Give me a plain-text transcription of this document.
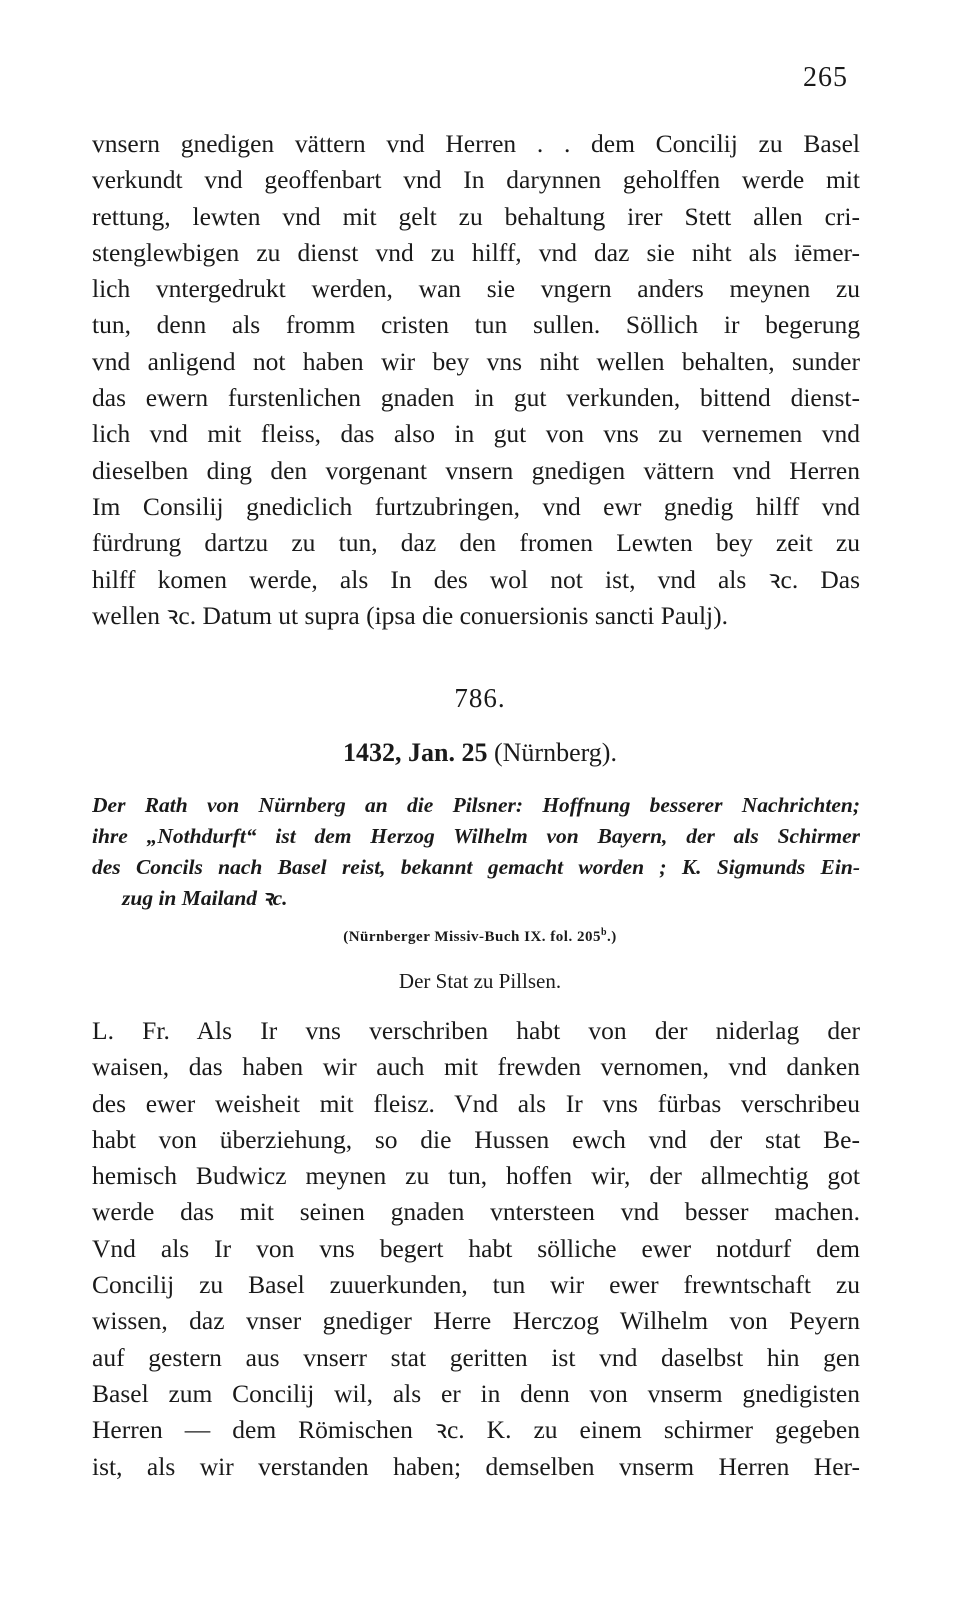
265
vnsern gnedigen vättern vnd Herren . . dem Concilij zu Basel
verkundt vnd geoffenbart vnd In darynnen geholffen werde mit
rettung, lewten vnd mit gelt zu behaltung irer Stett allen cri-
stenglewbigen zu dienst vnd zu hilff, vnd daz sie niht als iēmer-
lich vntergedrukt werden, wan sie vngern anders meynen zu
tun, denn als fromm cristen tun sullen. Söllich ir begerung
vnd anligend not haben wir bey vns niht wellen behalten, sunder
das ewern furstenlichen gnaden in gut verkunden, bittend dienst-
lich vnd mit fleiss, das also in gut von vns zu vernemen vnd
dieselben ding den vorgenant vnsern gnedigen vättern vnd Herren
Im Consilij gnediclich furtzubringen, vnd ewr gnedig hilff vnd
fürdrung dartzu zu tun, daz den fromen Lewten bey zeit zu
hilff komen werde, als In des wol not ist, vnd als ꝛc. Das
wellen ꝛc. Datum ut supra (ipsa die conuersionis sancti Paulj).
786.
1432, Jan. 25 (Nürnberg).
Der Rath von Nürnberg an die Pilsner: Hoffnung besserer Nachrichten;
ihre „Nothdurft“ ist dem Herzog Wilhelm von Bayern, der als Schirmer
des Concils nach Basel reist, bekannt gemacht worden ; K. Sigmunds Ein-
zug in Mailand ꝛc.
(Nürnberger Missiv-Buch IX. fol. 205$^b$.)
Der Stat zu Pillsen.
L. Fr. Als Ir vns verschriben habt von der niderlag der
waisen, das haben wir auch mit frewden vernomen, vnd danken
des ewer weisheit mit fleisz. Vnd als Ir vns fürbas verschribeu
habt von überziehung, so die Hussen ewch vnd der stat Be-
hemisch Budwicz meynen zu tun, hoffen wir, der allmechtig got
werde das mit seinen gnaden vntersteen vnd besser machen.
Vnd als Ir von vns begert habt sölliche ewer notdurf dem
Concilij zu Basel zuuerkunden, tun wir ewer frewntschaft zu
wissen, daz vnser gnediger Herre Herczog Wilhelm von Peyern
auf gestern aus vnserr stat geritten ist vnd daselbst hin gen
Basel zum Concilij wil, als er in denn von vnserm gnedigisten
Herren — dem Römischen ꝛc. K. zu einem schirmer gegeben
ist, als wir verstanden haben; demselben vnserm Herren Her-
